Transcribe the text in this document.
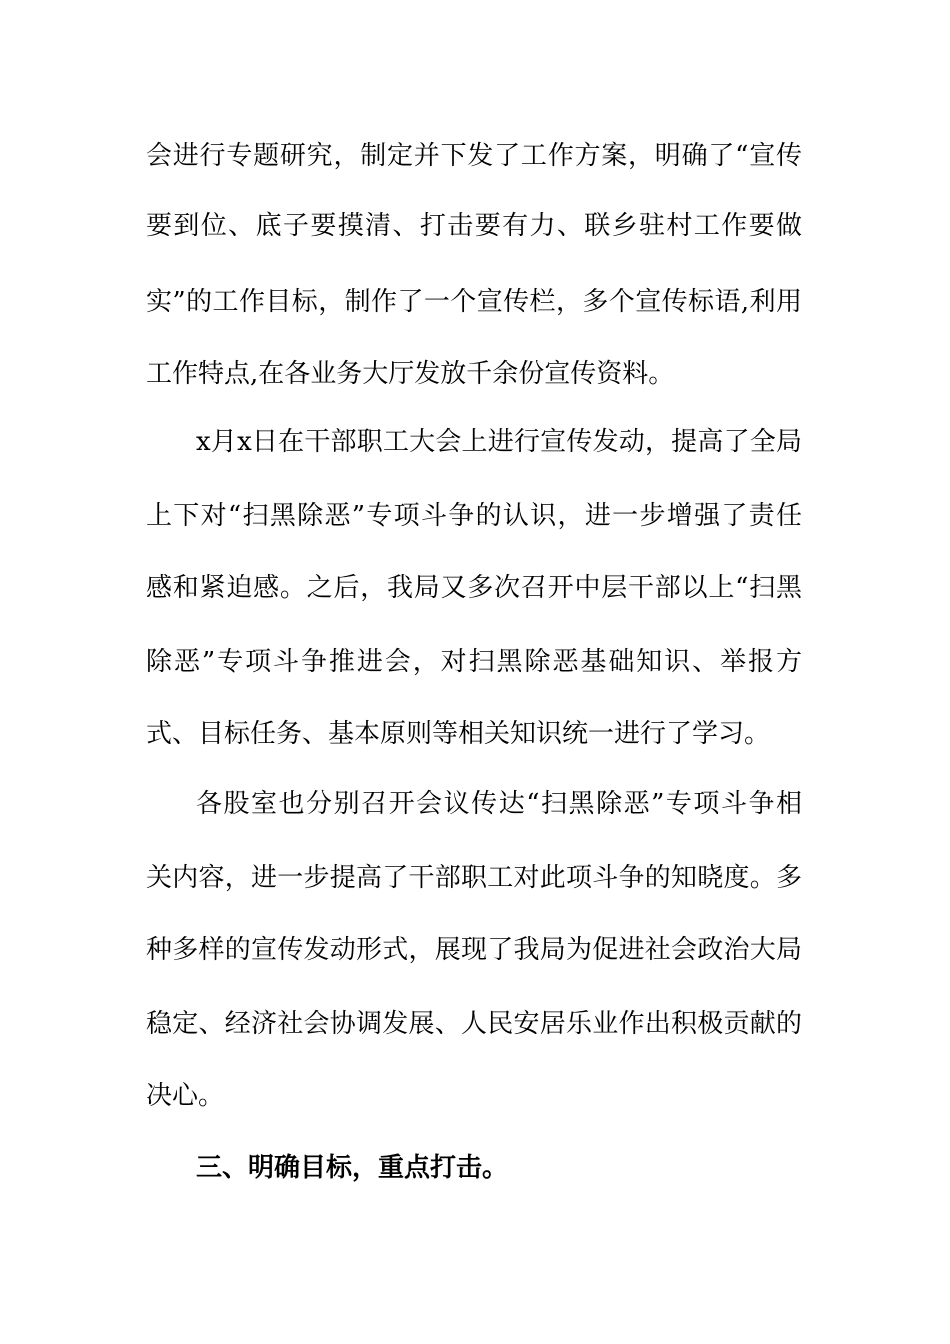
会进行专题研究，制定并下发了工作方案，明确了“宣传
要到位、底子要摸清、打击要有力、联乡驻村工作要做
实”的工作目标，制作了一个宣传栏，多个宣传标语,利用
工作特点,在各业务大厅发放千余份宣传资料。
x月x日在干部职工大会上进行宣传发动，提高了全局
上下对“扫黑除恶”专项斗争的认识，进一步增强了责任
感和紧迫感。之后，我局又多次召开中层干部以上“扫黑
除恶”专项斗争推进会，对扫黑除恶基础知识、举报方
式、目标任务、基本原则等相关知识统一进行了学习。
各股室也分别召开会议传达“扫黑除恶”专项斗争相
关内容，进一步提高了干部职工对此项斗争的知晓度。多
种多样的宣传发动形式，展现了我局为促进社会政治大局
稳定、经济社会协调发展、人民安居乐业作出积极贡献的
决心。
三、明确目标，重点打击。
